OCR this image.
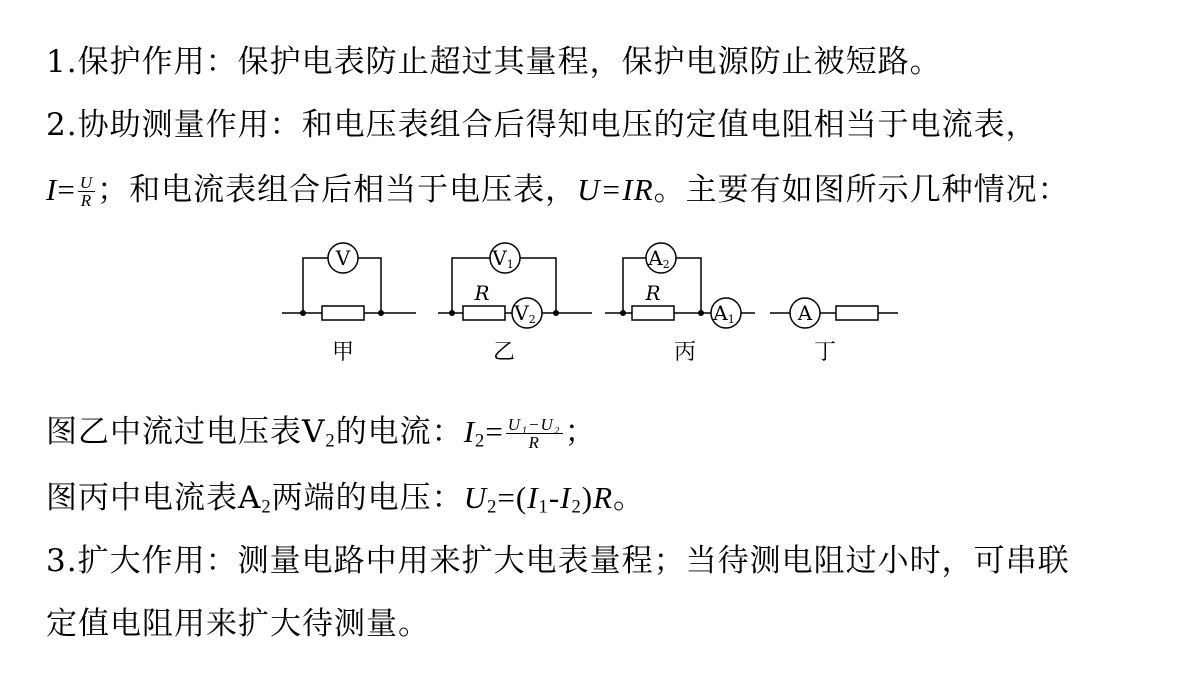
1.保护作用：保护电表防止超过其量程，保护电源防止被短路。
2.协助测量作用：和电压表组合后得知电压的定值电阻相当于电流表，
$I= \frac{U}{R}$ ；和电流表组合后相当于电压表，U=IR。主要有如图所示几种情况：
V	V1
V2
A2
A1	A
R	R
甲	乙	丙	丁
图乙中流过电压表$V_2$的电流：$I_2= \frac{\text{U₁−U₂}}{R}$ ；
图丙中电流表$A_2$两端的电压：$U_2=(I_1-I_2)R$。
3.扩大作用：测量电路中用来扩大电表量程；当待测电阻过小时，可串联
定值电阻用来扩大待测量。
